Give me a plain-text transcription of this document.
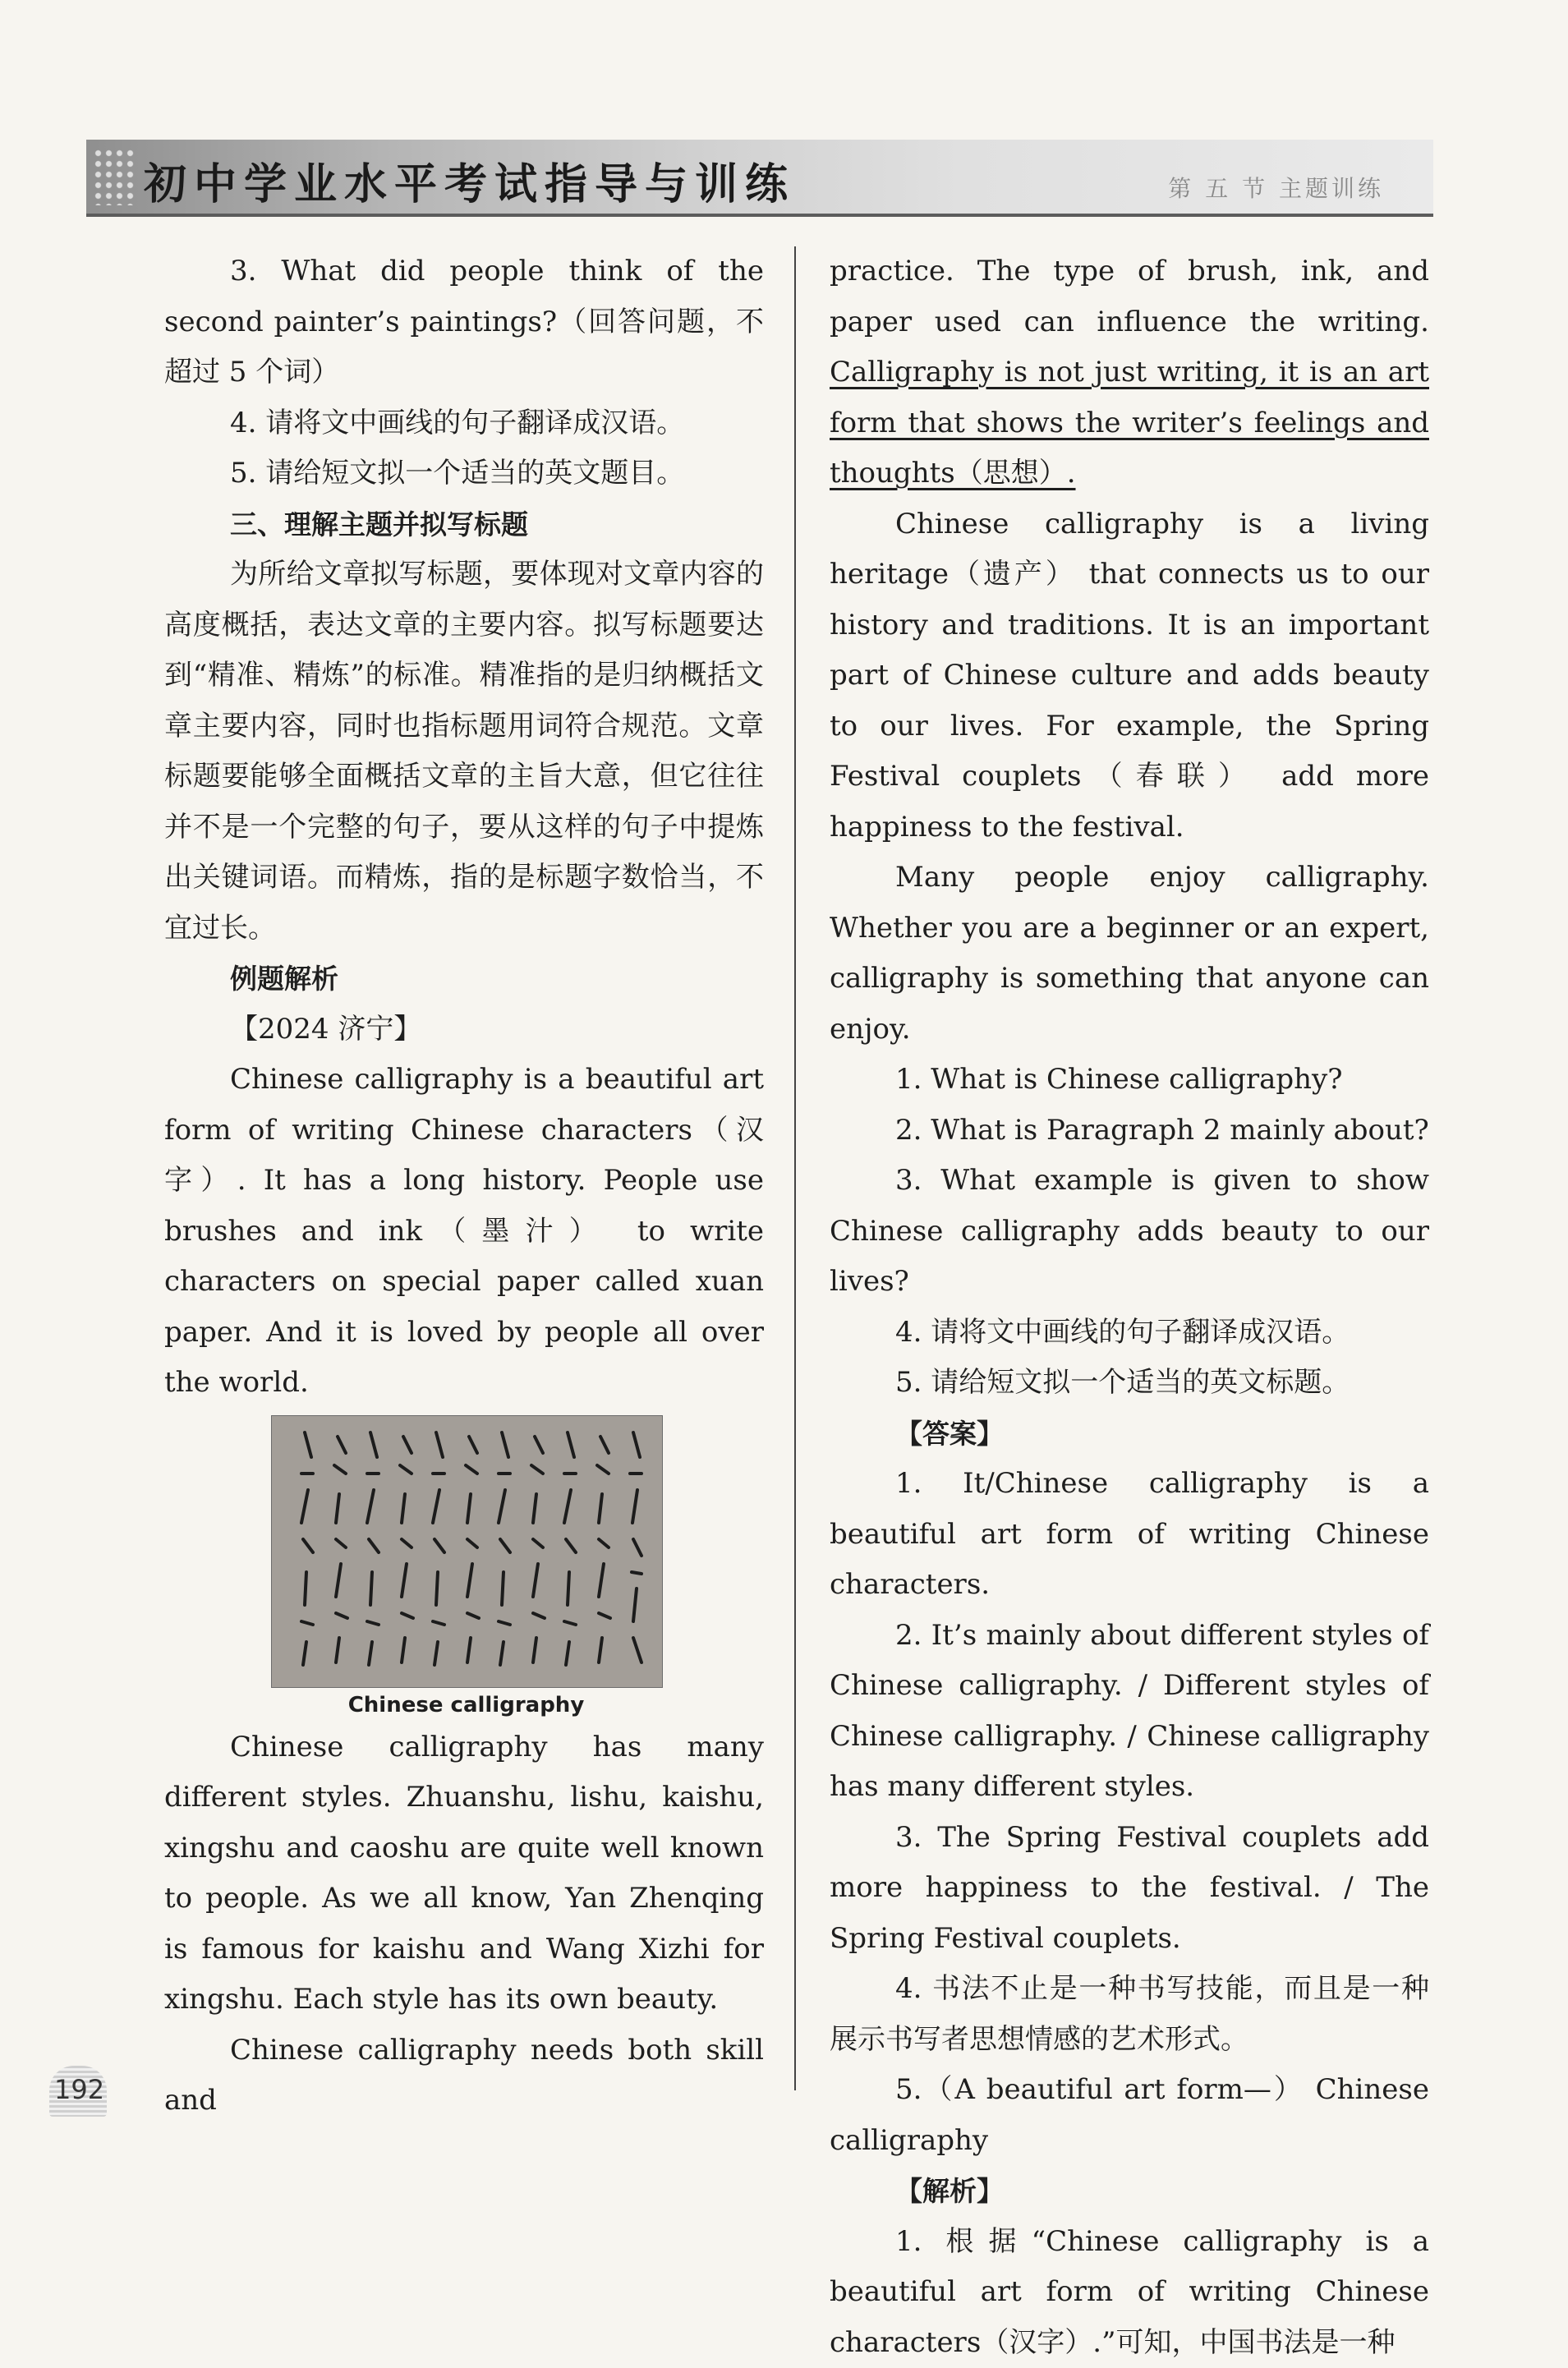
初中学业水平考试指导与训练	第 五 节 主题训练

3. What did people think of the second painter’s paintings?（回答问题，不超过 5 个词）

4. 请将文中画线的句子翻译成汉语。

5. 请给短文拟一个适当的英文题目。

三、理解主题并拟写标题

为所给文章拟写标题，要体现对文章内容的高度概括，表达文章的主要内容。拟写标题要达到“精准、精炼”的标准。精准指的是归纳概括文章主要内容，同时也指标题用词符合规范。文章标题要能够全面概括文章的主旨大意，但它往往并不是一个完整的句子，要从这样的句子中提炼出关键词语。而精炼，指的是标题字数恰当，不宜过长。

例题解析

【2024 济宁】

Chinese calligraphy is a beautiful art form of writing Chinese characters（汉字）. It has a long history. People use brushes and ink（墨汁） to write characters on special paper called xuan paper. And it is loved by people all over the world.

Chinese calligraphy

Chinese calligraphy has many different styles. Zhuanshu, lishu, kaishu, xingshu and caoshu are quite well known to people. As we all know, Yan Zhenqing is famous for kaishu and Wang Xizhi for xingshu. Each style has its own beauty.

Chinese calligraphy needs both skill and

practice. The type of brush, ink, and paper used can influence the writing. Calligraphy is not just writing, it is an art form that shows the writer’s feelings and thoughts（思想）.

Chinese calligraphy is a living heritage（遗产） that connects us to our history and traditions. It is an important part of Chinese culture and adds beauty to our lives. For example, the Spring Festival couplets（春联） add more happiness to the festival.

Many people enjoy calligraphy. Whether you are a beginner or an expert, calligraphy is something that anyone can enjoy.

1. What is Chinese calligraphy?

2. What is Paragraph 2 mainly about?

3. What example is given to show Chinese calligraphy adds beauty to our lives?

4. 请将文中画线的句子翻译成汉语。

5. 请给短文拟一个适当的英文标题。

【答案】

1. It/Chinese calligraphy is a beautiful art form of writing Chinese characters.

2. It’s mainly about different styles of Chinese calligraphy. / Different styles of Chinese calligraphy. / Chinese calligraphy has many different styles.

3. The Spring Festival couplets add more happiness to the festival. / The Spring Festival couplets.

4. 书法不止是一种书写技能，而且是一种展示书写者思想情感的艺术形式。

5.（A beautiful art form—） Chinese calligraphy

【解析】

1. 根据“Chinese calligraphy is a beautiful art form of writing Chinese characters（汉字）.”可知，中国书法是一种

192
